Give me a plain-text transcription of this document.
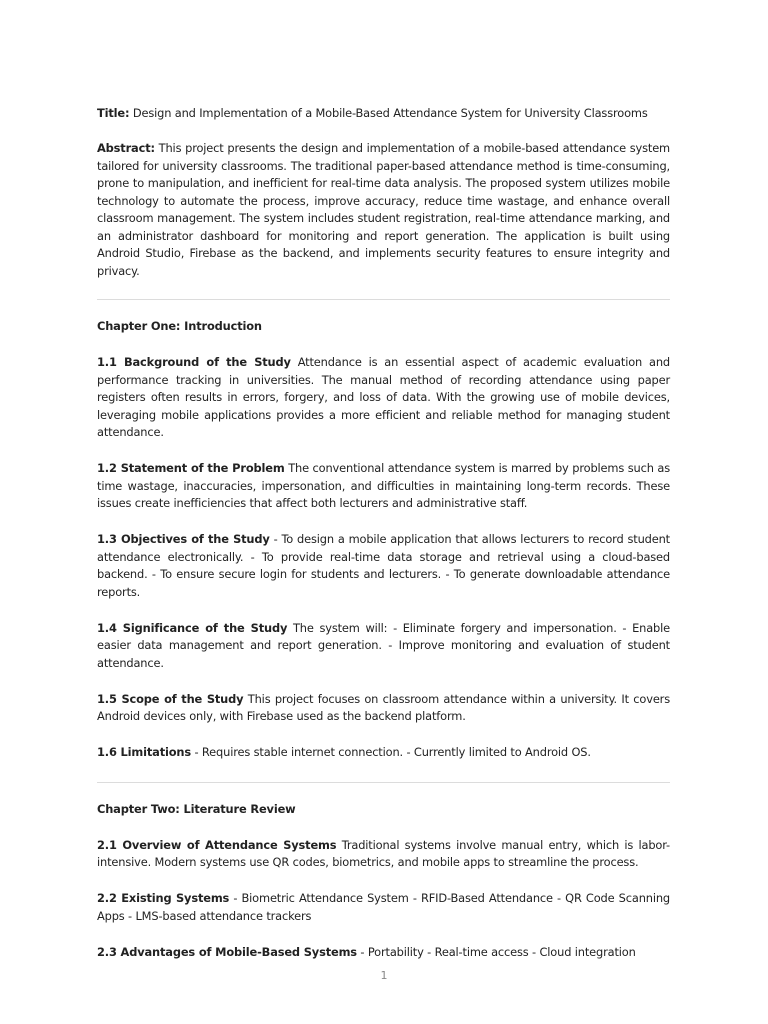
Title: Design and Implementation of a Mobile-Based Attendance System for University Classrooms

Abstract: This project presents the design and implementation of a mobile-based attendance system tailored for university classrooms. The traditional paper-based attendance method is time-consuming, prone to manipulation, and inefficient for real-time data analysis. The proposed system utilizes mobile technology to automate the process, improve accuracy, reduce time wastage, and enhance overall classroom management. The system includes student registration, real-time attendance marking, and an administrator dashboard for monitoring and report generation. The application is built using Android Studio, Firebase as the backend, and implements security features to ensure integrity and privacy.

Chapter One: Introduction

1.1 Background of the Study Attendance is an essential aspect of academic evaluation and performance tracking in universities. The manual method of recording attendance using paper registers often results in errors, forgery, and loss of data. With the growing use of mobile devices, leveraging mobile applications provides a more efficient and reliable method for managing student attendance.

1.2 Statement of the Problem The conventional attendance system is marred by problems such as time wastage, inaccuracies, impersonation, and difficulties in maintaining long-term records. These issues create inefficiencies that affect both lecturers and administrative staff.

1.3 Objectives of the Study - To design a mobile application that allows lecturers to record student attendance electronically. - To provide real-time data storage and retrieval using a cloud-based backend. - To ensure secure login for students and lecturers. - To generate downloadable attendance reports.

1.4 Significance of the Study The system will: - Eliminate forgery and impersonation. - Enable easier data management and report generation. - Improve monitoring and evaluation of student attendance.

1.5 Scope of the Study This project focuses on classroom attendance within a university. It covers Android devices only, with Firebase used as the backend platform.

1.6 Limitations - Requires stable internet connection. - Currently limited to Android OS.

Chapter Two: Literature Review

2.1 Overview of Attendance Systems Traditional systems involve manual entry, which is labor-intensive. Modern systems use QR codes, biometrics, and mobile apps to streamline the process.

2.2 Existing Systems - Biometric Attendance System - RFID-Based Attendance - QR Code Scanning Apps - LMS-based attendance trackers

2.3 Advantages of Mobile-Based Systems - Portability - Real-time access - Cloud integration

1
